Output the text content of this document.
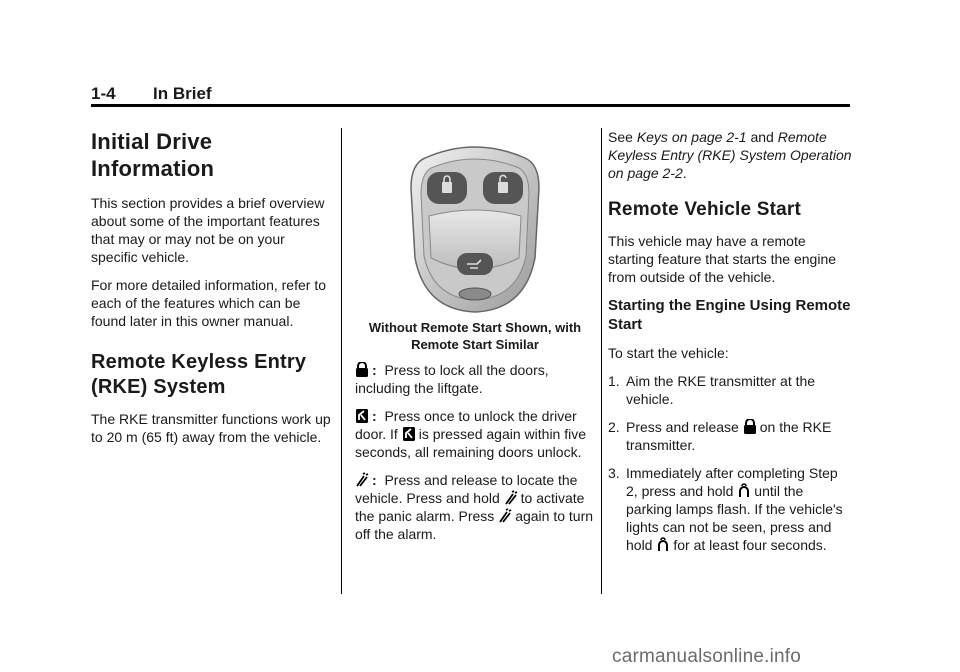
1-4 In Brief
Initial Drive Information

This section provides a brief overview about some of the important features that may or may not be on your specific vehicle.

For more detailed information, refer to each of the features which can be found later in this owner manual.

Remote Keyless Entry (RKE) System

The RKE transmitter functions work up to 20 m (65 ft) away from the vehicle.

Without Remote Start Shown, with Remote Start Similar

: Press to lock all the doors, including the liftgate.

: Press once to unlock the driver door. If is pressed again within five seconds, all remaining doors unlock.

: Press and release to locate the vehicle. Press and hold to activate the panic alarm. Press again to turn off the alarm.

See Keys on page 2-1 and Remote Keyless Entry (RKE) System Operation on page 2-2.

Remote Vehicle Start

This vehicle may have a remote starting feature that starts the engine from outside of the vehicle.

Starting the Engine Using Remote Start

To start the vehicle:

1. Aim the RKE transmitter at the vehicle.
2. Press and release on the RKE transmitter.
3. Immediately after completing Step 2, press and hold until the parking lamps flash. If the vehicle's lights can not be seen, press and hold for at least four seconds.
carmanualsonline.info
